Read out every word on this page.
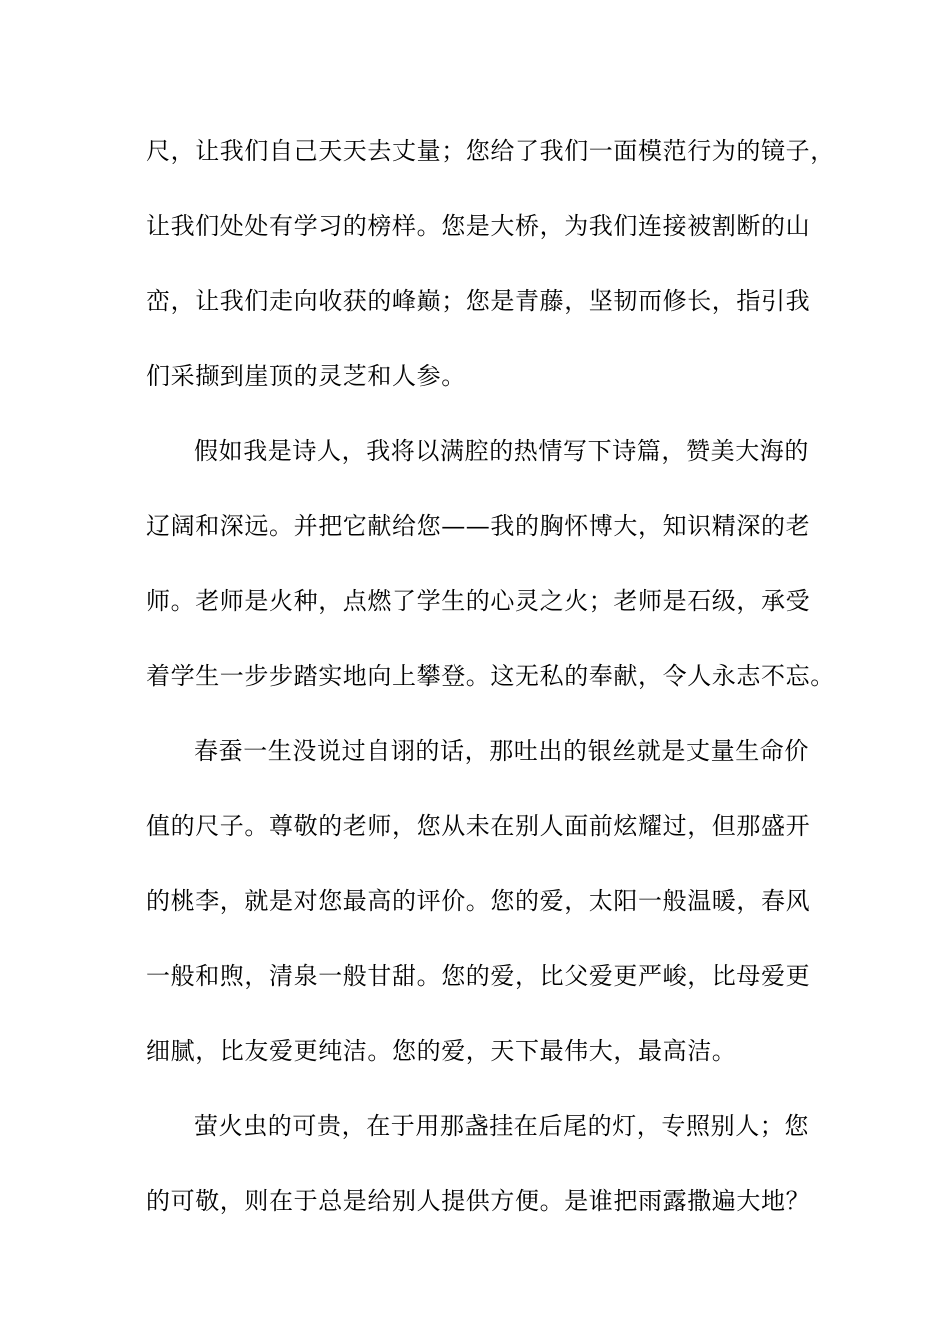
尺，让我们自己天天去丈量；您给了我们一面模范行为的镜子，
让我们处处有学习的榜样。您是大桥，为我们连接被割断的山
峦，让我们走向收获的峰巅；您是青藤，坚韧而修长，指引我
们采撷到崖顶的灵芝和人参。
假如我是诗人，我将以满腔的热情写下诗篇，赞美大海的
辽阔和深远。并把它献给您——我的胸怀博大，知识精深的老
师。老师是火种，点燃了学生的心灵之火；老师是石级，承受
着学生一步步踏实地向上攀登。这无私的奉献，令人永志不忘。
春蚕一生没说过自诩的话，那吐出的银丝就是丈量生命价
值的尺子。尊敬的老师，您从未在别人面前炫耀过，但那盛开
的桃李，就是对您最高的评价。您的爱，太阳一般温暖，春风
一般和煦，清泉一般甘甜。您的爱，比父爱更严峻，比母爱更
细腻，比友爱更纯洁。您的爱，天下最伟大，最高洁。
萤火虫的可贵，在于用那盏挂在后尾的灯，专照别人；您
的可敬，则在于总是给别人提供方便。是谁把雨露撒遍大地？
